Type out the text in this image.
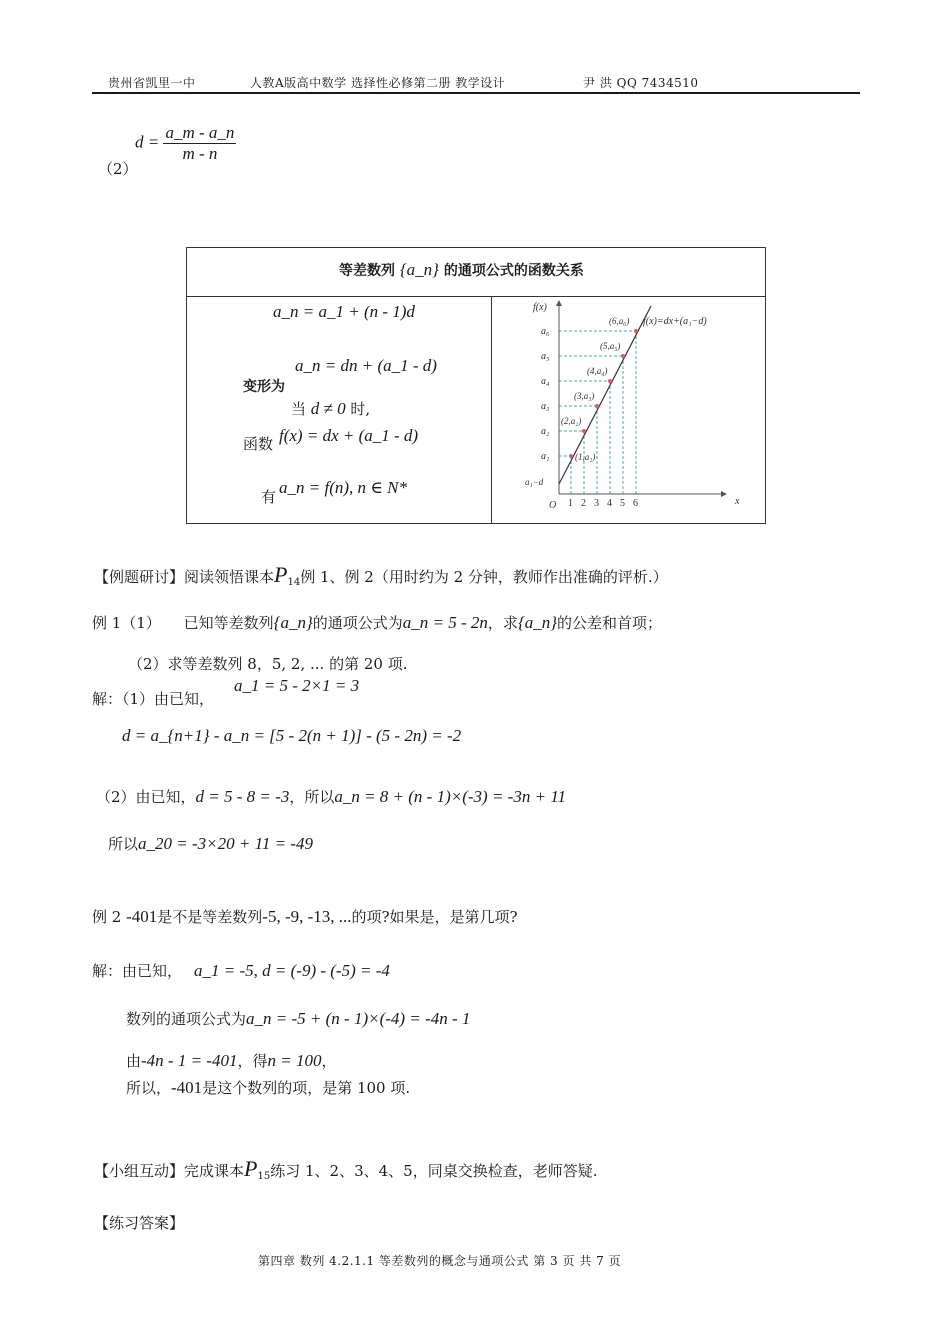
贵州省凯里一中	人教A版高中数学 选择性必修第二册 教学设计	尹 洪 QQ 7434510
（2）
$d = \frac{a\_m - a\_n}{m - n}$
等差数列 {a_n} 的通项公式的函数关系
a_n = a_1 + (n - 1)d
a_n = dn + (a_1 - d)
变形为
当 d ≠ 0 时,
函数 f(x) = dx + (a_1 - d)
有 a_n = f(n), n ∈ N*
f(x)
x
O
f(x)=dx+(a₁−d)
a₁−d
a₁
a₂
a₃
a₄
a₅
a₆
1 2 3 4 5 6
(1,a₁)
(2,a₂)
(3,a₃)
(4,a₄)
(5,a₅)
(6,a₆)
【例题研讨】阅读领悟课本$P_{14}$例 1、例 2（用时约为 2 分钟，教师作出准确的评析.）
例 1（1） 已知等差数列{a_n}的通项公式为a_n = 5 - 2n，求{a_n}的公差和首项；
（2）求等差数列 8，5, 2, ... 的第 20 项.
解：（1）由已知，
a_1 = 5 - 2×1 = 3
d = a_{n+1} - a_n = [5 - 2(n + 1)] - (5 - 2n) = -2
（2）由已知，d = 5 - 8 = -3，所以a_n = 8 + (n - 1)×(-3) = -3n + 11
所以a_20 = -3×20 + 11 = -49
例 2 -401是不是等差数列-5, -9, -13, ...的项?如果是，是第几项?
解：由已知， a_1 = -5, d = (-9) - (-5) = -4
数列的通项公式为a_n = -5 + (n - 1)×(-4) = -4n - 1
由-4n - 1 = -401，得n = 100，
所以，-401是这个数列的项，是第 100 项.
【小组互动】完成课本$P_{15}$练习 1、2、3、4、5，同桌交换检查，老师答疑.
【练习答案】
第四章 数列 4.2.1.1 等差数列的概念与通项公式 第 3 页 共 7 页
